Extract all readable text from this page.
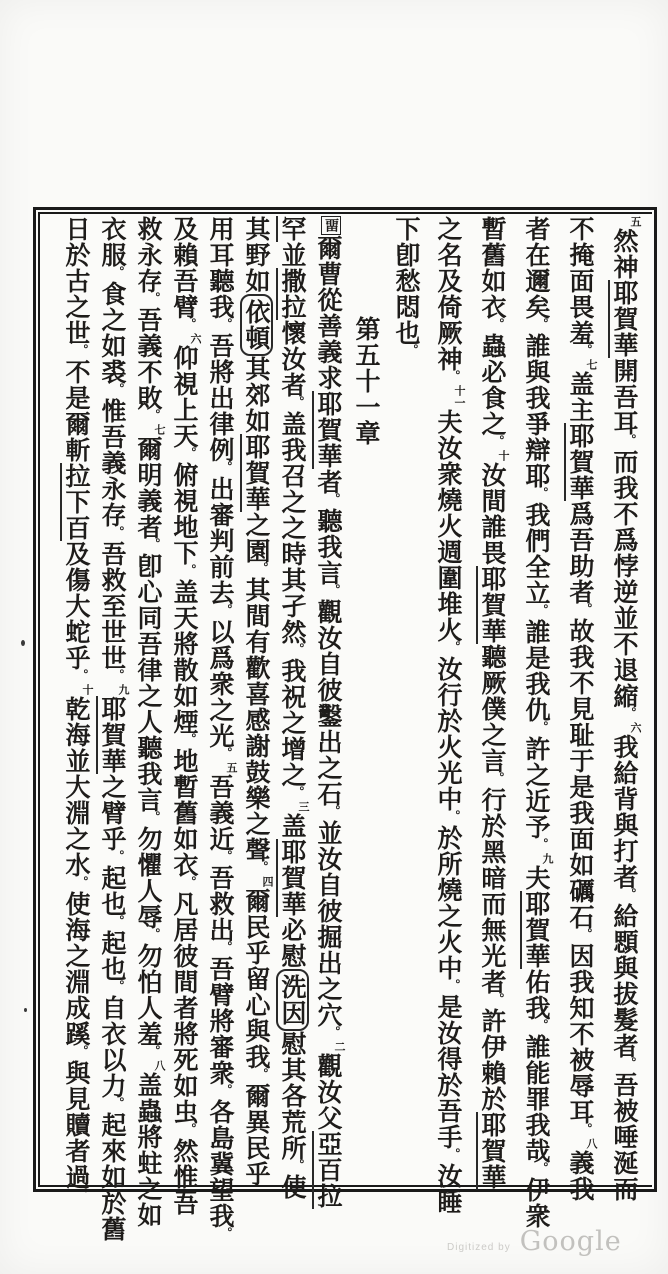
五然神耶賀華開吾耳。而我不爲悖逆並不退縮。六我給背與打者。給顋與拔髮者。吾被唾涎而
不掩面畏羞。七盖主耶賀華爲吾助者。故我不見耻于是我面如礪石。因我知不被辱耳。八義我
者在邇矣。誰與我爭辯耶。我們全立。誰是我仇。許之近予。九夫耶賀華佑我。誰能罪我哉。伊衆
暫舊如衣。蟲必食之。十汝間誰畏耶賀華聽厥僕之言。行於黑暗而無光者。許伊賴於耶賀華
之名及倚厥神。十一夫汝衆燒火週圍堆火。汝行於火光中。於所燒之火中。是汝得於吾手。汝睡
下卽愁悶也。
第五十一章
畱爾曹從善義求耶賀華者。聽我言。觀汝自彼鑿出之石。並汝自彼掘出之穴。二觀汝父亞百拉
罕並撒拉懷汝者。盖我召之之時其孑然。我祝之增之。三盖耶賀華必慰洗因慰其各荒所。使
其野如依頓其郊如耶賀華之園。其間有歡喜感謝鼓樂之聲。四爾民乎留心與我。爾異民乎
用耳聽我。吾將出律例。出審判前去。以爲衆之光。五吾義近。吾救出。吾臂將審衆。各島冀望我。
及賴吾臂。六仰視上天。俯視地下。盖天將散如煙。地暫舊如衣。凡居彼間者將死如虫。然惟吾
救永存。吾義不敗。七爾明義者。卽心同吾律之人聽我言。勿懼人辱。勿怕人羞。八盖蟲將蛀之如
衣服。食之如裘。惟吾義永存。吾救至世世。九耶賀華之臂乎。起也。起也。自衣以力。起來如於舊
日於古之世。不是爾斬拉下百及傷大蛇乎。十乾海並大淵之水。使海之淵成蹊。與見贖者過。
Digitized by Google
